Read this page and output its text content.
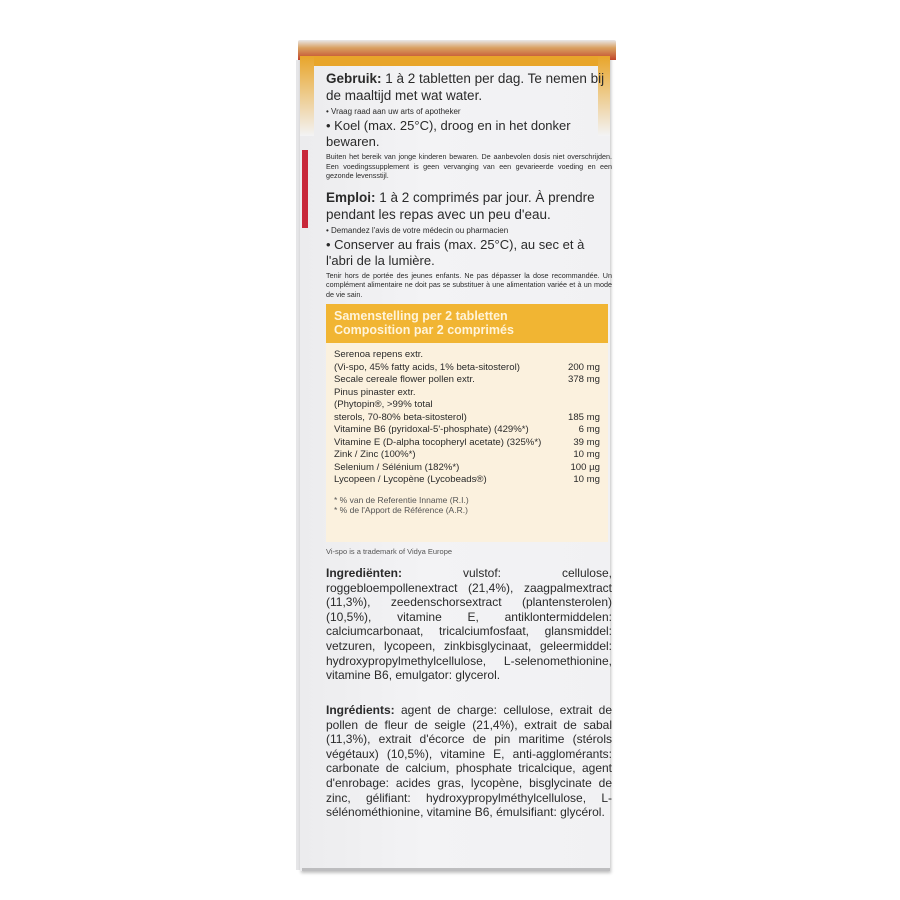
Gebruik: 1 à 2 tabletten per dag. Te nemen bij de maaltijd met wat water.

• Vraag raad aan uw arts of apotheker

• Koel (max. 25°C), droog en in het donker bewaren.

Buiten het bereik van jonge kinderen bewaren. De aanbevolen dosis niet overschrijden. Een voedingssupplement is geen vervanging van een gevarieerde voeding en een gezonde levensstijl.

Emploi: 1 à 2 comprimés par jour. À prendre pendant les repas avec un peu d'eau.

• Demandez l'avis de votre médecin ou pharmacien

• Conserver au frais (max. 25°C), au sec et à l'abri de la lumière.

Tenir hors de portée des jeunes enfants. Ne pas dépasser la dose recommandée. Un complément alimentaire ne doit pas se substituer à une alimentation variée et à un mode de vie sain.

Samenstelling per 2 tabletten
Composition par 2 comprimés
Serenoa repens extr.
(Vi-spo, 45% fatty acids, 1% beta-sitosterol)	200 mg
Secale cereale flower pollen extr.	378 mg
Pinus pinaster extr.
(Phytopin®, >99% total
sterols, 70-80% beta-sitosterol)	185 mg
Vitamine B6 (pyridoxal-5'-phosphate) (429%*)	6 mg
Vitamine E (D-alpha tocopheryl acetate) (325%*)	39 mg
Zink / Zinc (100%*)	10 mg
Selenium / Sélénium (182%*)	100 µg
Lycopeen / Lycopène (Lycobeads®)	10 mg
* % van de Referentie Inname (R.I.)
* % de l'Apport de Référence (A.R.)
Vi-spo is a trademark of Vidya Europe
Ingrediënten: vulstof: cellulose, roggebloempollenextract (21,4%), zaagpalmextract (11,3%), zeedenschorsextract (plantensterolen) (10,5%), vitamine E, antiklontermiddelen: calciumcarbonaat, tricalciumfosfaat, glansmiddel: vetzuren, lycopeen, zinkbisglycinaat, geleermiddel: hydroxypropylmethylcellulose, L-selenomethionine, vitamine B6, emulgator: glycerol.
Ingrédients: agent de charge: cellulose, extrait de pollen de fleur de seigle (21,4%), extrait de sabal (11,3%), extrait d'écorce de pin maritime (stérols végétaux) (10,5%), vitamine E, anti-agglomérants: carbonate de calcium, phosphate tricalcique, agent d'enrobage: acides gras, lycopène, bisglycinate de zinc, gélifiant: hydroxypropylméthylcellulose, L-sélénométhionine, vitamine B6, émulsifiant: glycérol.
